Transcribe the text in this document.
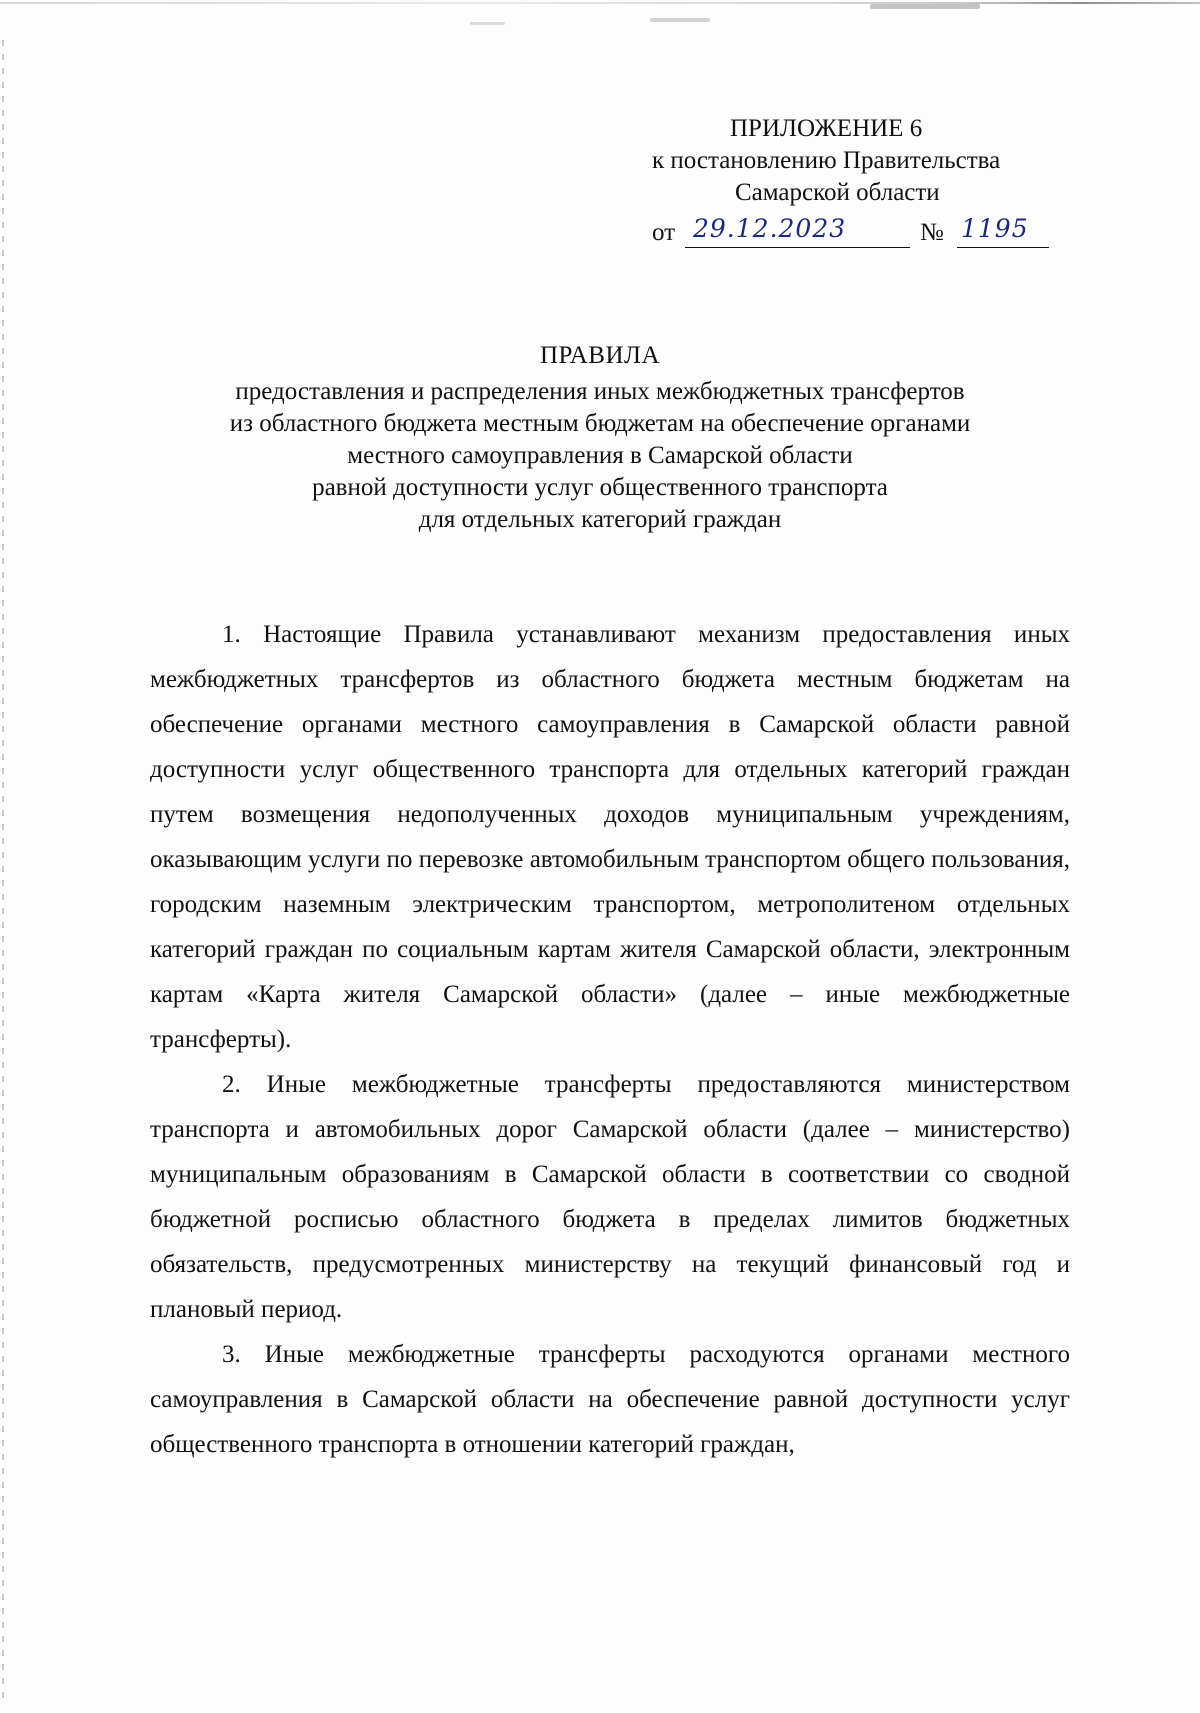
ПРИЛОЖЕНИЕ 6
к постановлению Правительства
Самарской области
от 29.12.2023	№ 1195
ПРАВИЛА
предоставления и распределения иных межбюджетных трансфертов
из областного бюджета местным бюджетам на обеспечение органами
местного самоуправления в Самарской области
равной доступности услуг общественного транспорта
для отдельных категорий граждан

1. Настоящие Правила устанавливают механизм предоставления иных межбюджетных трансфертов из областного бюджета местным бюджетам на обеспечение органами местного самоуправления в Самарской области равной доступности услуг общественного транспорта для отдельных категорий граждан путем возмещения недополученных доходов муниципальным учреждениям, оказывающим услуги по перевозке автомобильным транспортом общего пользования, городским наземным электрическим транспортом, метрополитеном отдельных категорий граждан по социальным картам жителя Самарской области, электронным картам «Карта жителя Самарской области» (далее – иные межбюджетные трансферты).

2. Иные межбюджетные трансферты предоставляются министерством транспорта и автомобильных дорог Самарской области (далее – министерство) муниципальным образованиям в Самарской области в соответствии со сводной бюджетной росписью областного бюджета в пределах лимитов бюджетных обязательств, предусмотренных министерству на текущий финансовый год и плановый период.

3. Иные межбюджетные трансферты расходуются органами местного самоуправления в Самарской области на обеспечение равной доступности услуг общественного транспорта в отношении категорий граждан,
